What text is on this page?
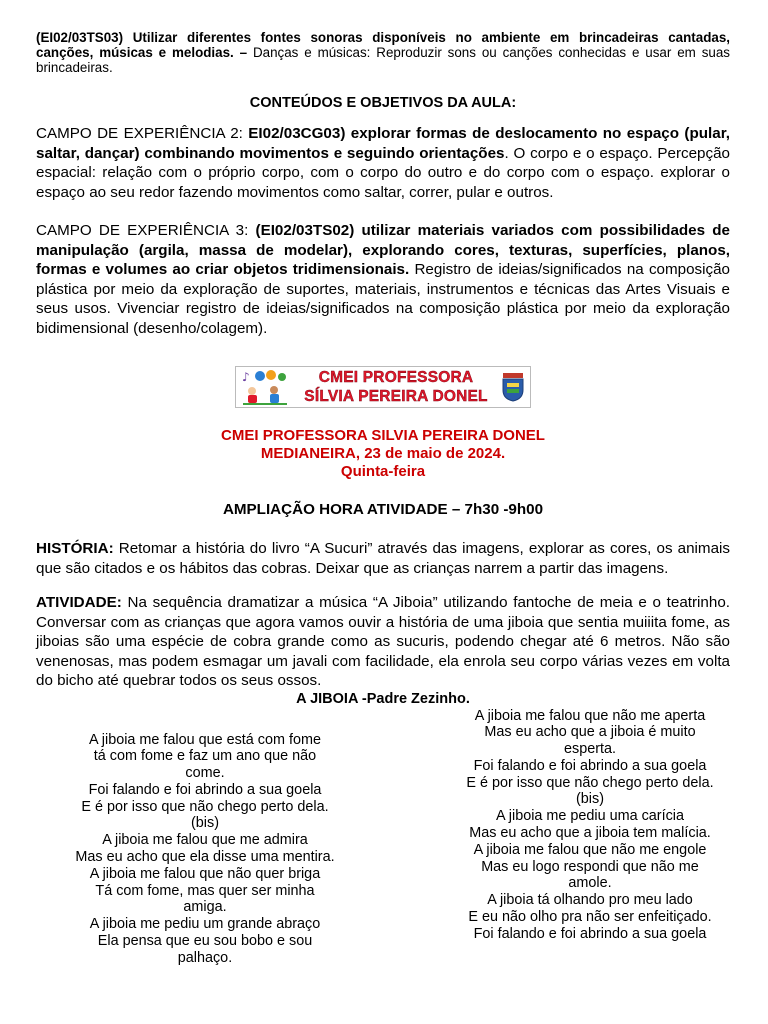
(EI02/03TS03) Utilizar diferentes fontes sonoras disponíveis no ambiente em brincadeiras cantadas, canções, músicas e melodias. – Danças e músicas: Reproduzir sons ou canções conhecidas e usar em suas brincadeiras.

CONTEÚDOS E OBJETIVOS DA AULA:

CAMPO DE EXPERIÊNCIA 2: EI02/03CG03) explorar formas de deslocamento no espaço (pular, saltar, dançar) combinando movimentos e seguindo orientações. O corpo e o espaço. Percepção espacial: relação com o próprio corpo, com o corpo do outro e do corpo com o espaço. explorar o espaço ao seu redor fazendo movimentos como saltar, correr, pular e outros.

CAMPO DE EXPERIÊNCIA 3: (EI02/03TS02) utilizar materiais variados com possibilidades de manipulação (argila, massa de modelar), explorando cores, texturas, superfícies, planos, formas e volumes ao criar objetos tridimensionais. Registro de ideias/significados na composição plástica por meio da exploração de suportes, materiais, instrumentos e técnicas das Artes Visuais e seus usos. Vivenciar registro de ideias/significados na composição plástica por meio da exploração bidimensional (desenho/colagem).

♪	CMEI PROFESSORA
SÍLVIA PEREIRA DONEL
CMEI PROFESSORA SILVIA PEREIRA DONEL
MEDIANEIRA, 23 de maio de 2024.
Quinta-feira

AMPLIAÇÃO HORA ATIVIDADE – 7h30 -9h00

HISTÓRIA: Retomar a história do livro “A Sucuri” através das imagens, explorar as cores, os animais que são citados e os hábitos das cobras. Deixar que as crianças narrem a partir das imagens.

ATIVIDADE: Na sequência dramatizar a música “A Jiboia” utilizando fantoche de meia e o teatrinho. Conversar com as crianças que agora vamos ouvir a história de uma jiboia que sentia muiiita fome, as jiboias são uma espécie de cobra grande como as sucuris, podendo chegar até 6 metros. Não são venenosas, mas podem esmagar um javali com facilidade, ela enrola seu corpo várias vezes em volta do bicho até quebrar todos os seus ossos.

A JIBOIA -Padre Zezinho.

A jiboia me falou que está com fome
tá com fome e faz um ano que não
come.
Foi falando e foi abrindo a sua goela
E é por isso que não chego perto dela.
(bis)
A jiboia me falou que me admira
Mas eu acho que ela disse uma mentira.
A jiboia me falou que não quer briga
Tá com fome, mas quer ser minha
amiga.
A jiboia me pediu um grande abraço
Ela pensa que eu sou bobo e sou
palhaço.
A jiboia me falou que não me aperta
Mas eu acho que a jiboia é muito
esperta.
Foi falando e foi abrindo a sua goela
E é por isso que não chego perto dela.
(bis)
A jiboia me pediu uma carícia
Mas eu acho que a jiboia tem malícia.
A jiboia me falou que não me engole
Mas eu logo respondi que não me
amole.
A jiboia tá olhando pro meu lado
E eu não olho pra não ser enfeitiçado.
Foi falando e foi abrindo a sua goela
